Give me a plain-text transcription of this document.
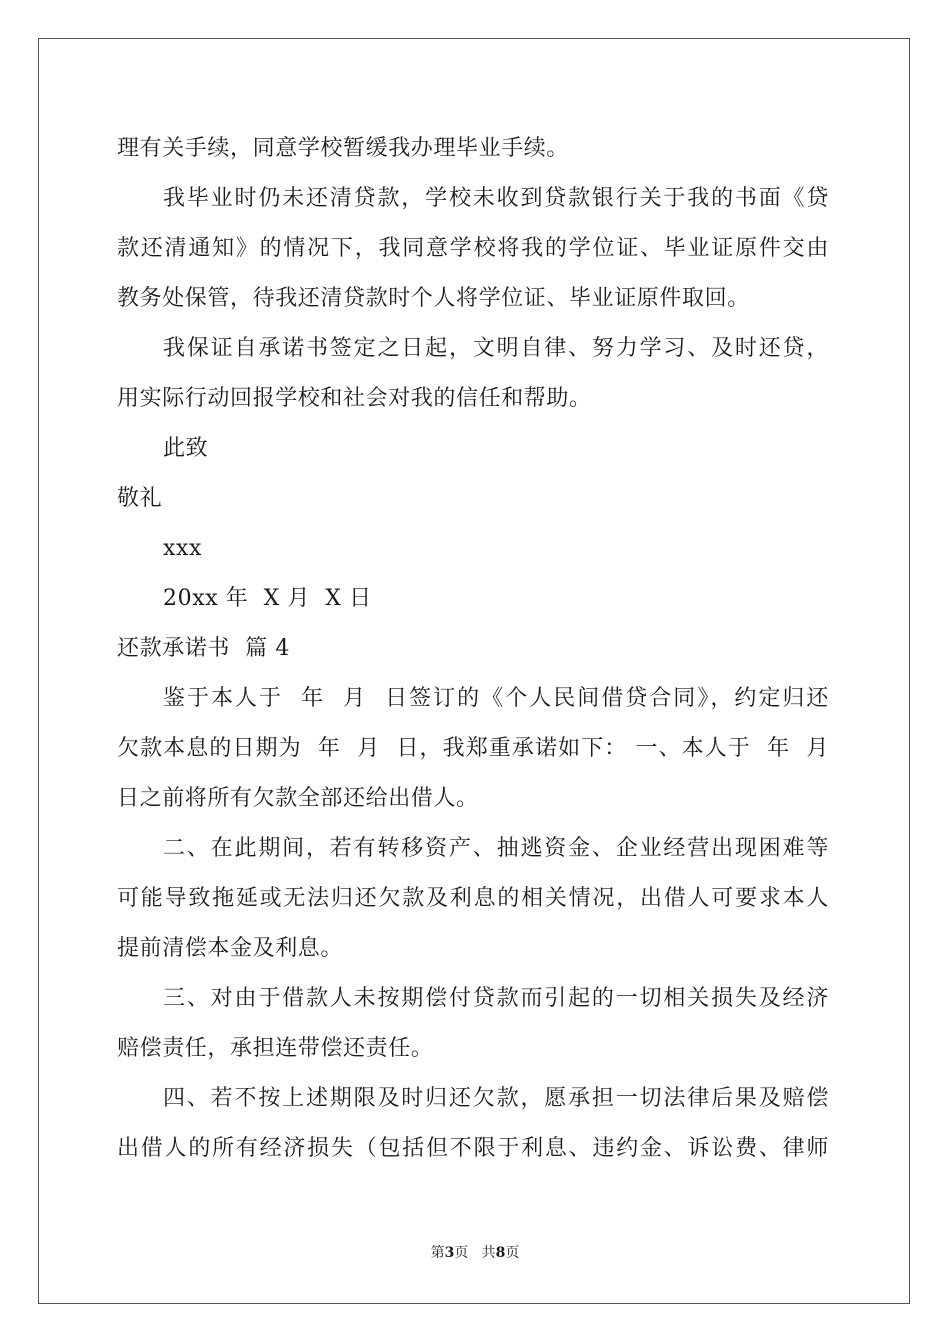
理有关手续，同意学校暂缓我办理毕业手续。
我毕业时仍未还清贷款，学校未收到贷款银行关于我的书面《贷
款还清通知》的情况下，我同意学校将我的学位证、毕业证原件交由
教务处保管，待我还清贷款时个人将学位证、毕业证原件取回。
我保证自承诺书签定之日起，文明自律、努力学习、及时还贷，
用实际行动回报学校和社会对我的信任和帮助。
此致
敬礼
xxx
20xx 年  X 月  X 日
还款承诺书  篇 4
鉴于本人于  年  月  日签订的《个人民间借贷合同》，约定归还
欠款本息的日期为  年  月  日，我郑重承诺如下： 一、本人于  年  月
日之前将所有欠款全部还给出借人。
二、在此期间，若有转移资产、抽逃资金、企业经营出现困难等
可能导致拖延或无法归还欠款及利息的相关情况，出借人可要求本人
提前清偿本金及利息。
三、对由于借款人未按期偿付贷款而引起的一切相关损失及经济
赔偿责任，承担连带偿还责任。
四、若不按上述期限及时归还欠款，愿承担一切法律后果及赔偿
出借人的所有经济损失（包括但不限于利息、违约金、诉讼费、律师
第3页 共8页
